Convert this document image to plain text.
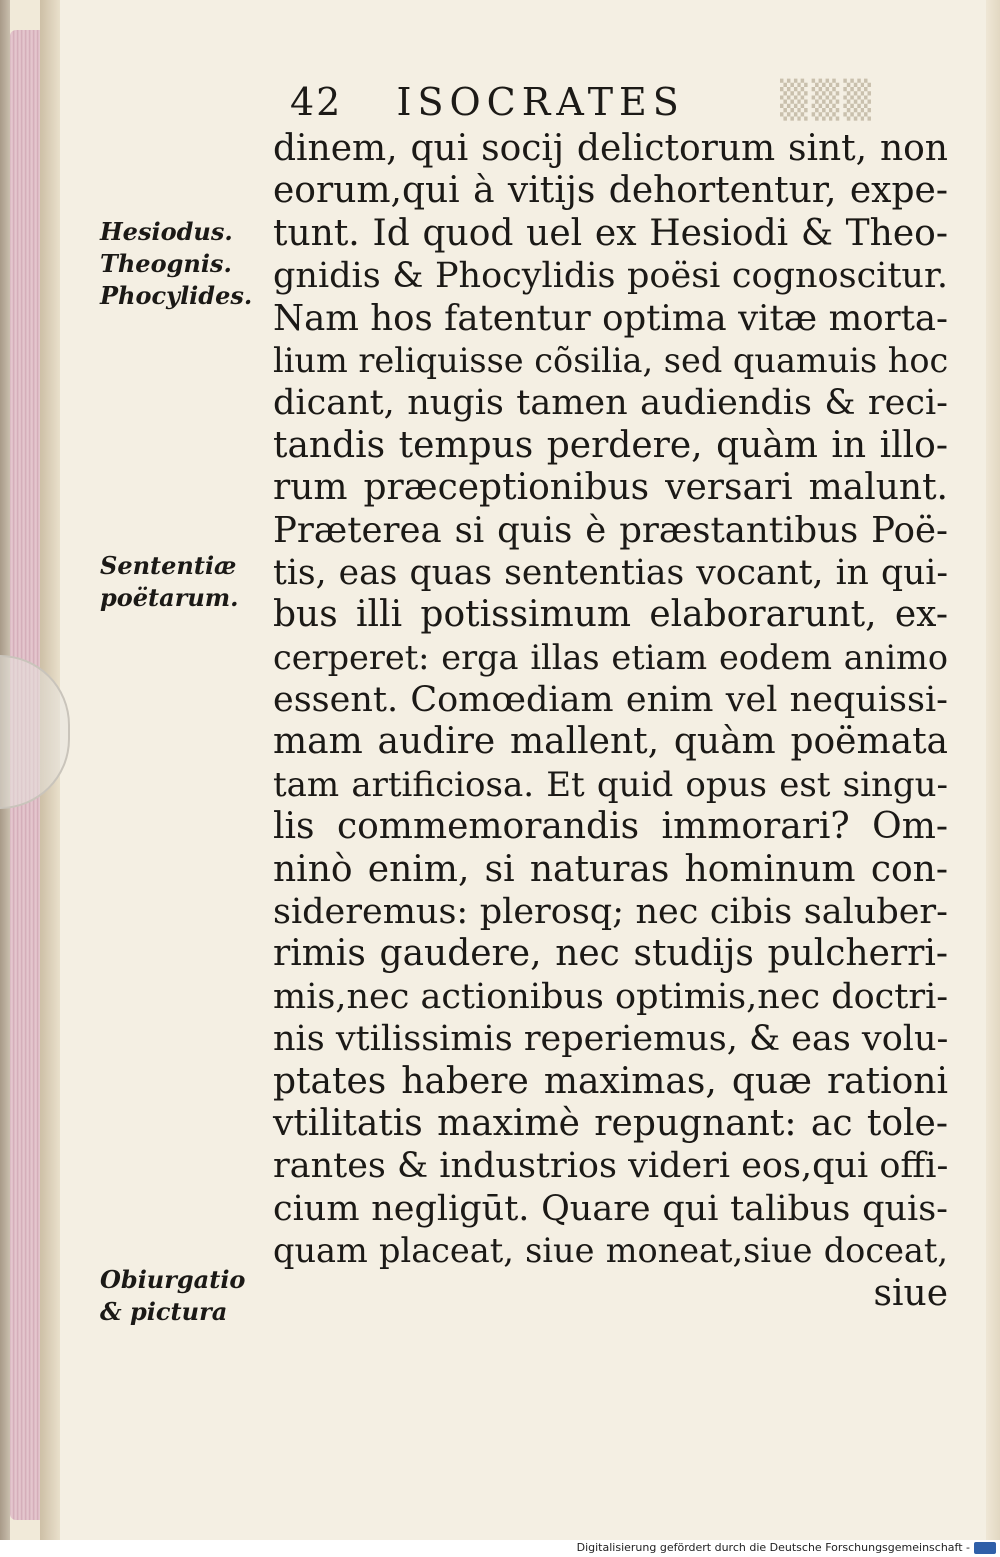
▒▒▒
42 ISOCRATES
Hesiodus.
Theognis.
Phocylides.
Sententiæ
poëtarum.
Obiurgatio
& pictura
dinem, qui socij delictorum sint, non
eorum,qui à vitijs dehortentur, expe-
tunt. Id quod uel ex Hesiodi & Theo-
gnidis & Phocylidis poësi cognoscitur.
Nam hos fatentur optima vitæ morta-
lium reliquisse cõsilia, sed quamuis hoc
dicant, nugis tamen audiendis & reci-
tandis tempus perdere, quàm in illo-
rum præceptionibus versari malunt.
Præterea si quis è præstantibus Poë-
tis, eas quas sententias vocant, in qui-
bus illi potissimum elaborarunt, ex-
cerperet: erga illas etiam eodem animo
essent. Comœdiam enim vel nequissi-
mam audire mallent, quàm poëmata
tam artificiosa. Et quid opus est singu-
lis commemorandis immorari? Om-
ninò enim, si naturas hominum con-
sideremus: plerosq; nec cibis saluber-
rimis gaudere, nec studijs pulcherri-
mis,nec actionibus optimis,nec doctri-
nis vtilissimis reperiemus, & eas volu-
ptates habere maximas, quæ rationi
vtilitatis maximè repugnant: ac tole-
rantes & industrios videri eos,qui offi-
cium negligūt. Quare qui talibus quis-
quam placeat, siue moneat,siue doceat,
siue
Digitalisierung gefördert durch die Deutsche Forschungsgemeinschaft -
